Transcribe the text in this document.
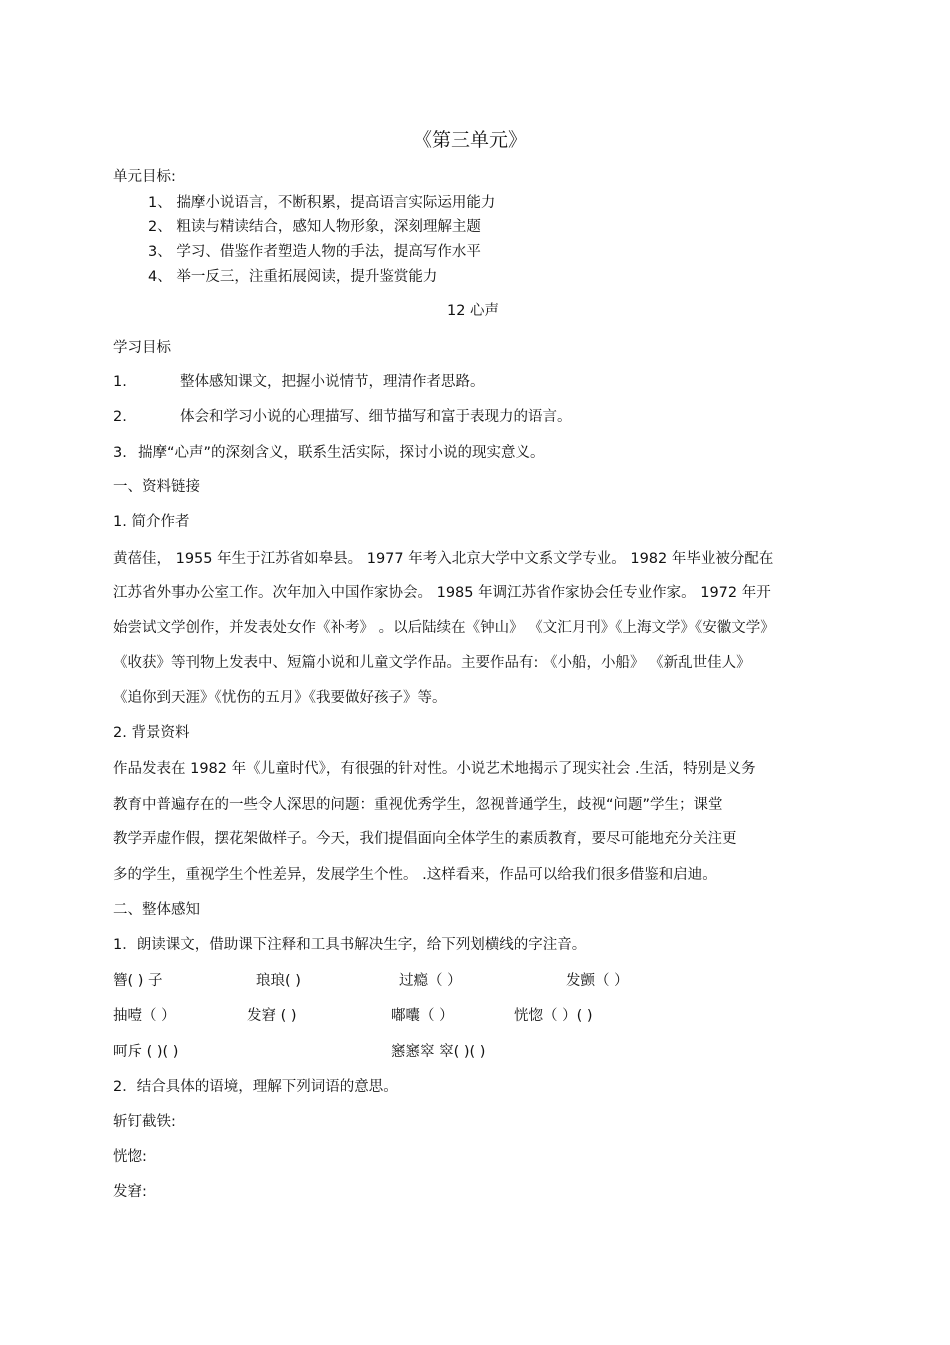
《第三单元》
单元目标:
1、 揣摩小说语言，不断积累，提高语言实际运用能力
2、 粗读与精读结合，感知人物形象，深刻理解主题
3、 学习、借鉴作者塑造人物的手法，提高写作水平
4、 举一反三，注重拓展阅读，提升鉴赏能力
12 心声
学习目标
1.	整体感知课文，把握小说情节，理清作者思路。
2.	体会和学习小说的心理描写、细节描写和富于表现力的语言。
3. 揣摩“心声”的深刻含义，联系生活实际，探讨小说的现实意义。
一、资料链接
1. 简介作者
黄蓓佳， 1955 年生于江苏省如皋县。 1977 年考入北京大学中文系文学专业。 1982 年毕业被分配在
江苏省外事办公室工作。次年加入中国作家协会。 1985 年调江苏省作家协会任专业作家。 1972 年开
始尝试文学创作，并发表处女作《补考》 。以后陆续在《钟山》 《文汇月刊》《上海文学》《安徽文学》
《收获》等刊物上发表中、短篇小说和儿童文学作品。主要作品有: 《小船，小船》 《新乱世佳人》
《追你到天涯》《忧伤的五月》《我要做好孩子》等。
2. 背景资料
作品发表在 1982 年《儿童时代》，有很强的针对性。小说艺术地揭示了现实社会 .生活，特别是义务
教育中普遍存在的一些令人深思的问题：重视优秀学生，忽视普通学生，歧视“问题”学生；课堂
教学弄虚作假，摆花架做样子。今天，我们提倡面向全体学生的素质教育，要尽可能地充分关注更
多的学生，重视学生个性差异，发展学生个性。 .这样看来，作品可以给我们很多借鉴和启迪。
二、整体感知
1．朗读课文，借助课下注释和工具书解决生字，给下列划横线的字注音。
簪( ) 子	琅琅( )	过瘾（ ）	发颤（ ）
抽噎（ ）	发窘 ( )	嘟囔（ ）	恍惚（ ）( )
呵斥 ( )( )	窸窸窣 窣( )( )
2．结合具体的语境，理解下列词语的意思。
斩钉截铁:
恍惚:
发窘:
